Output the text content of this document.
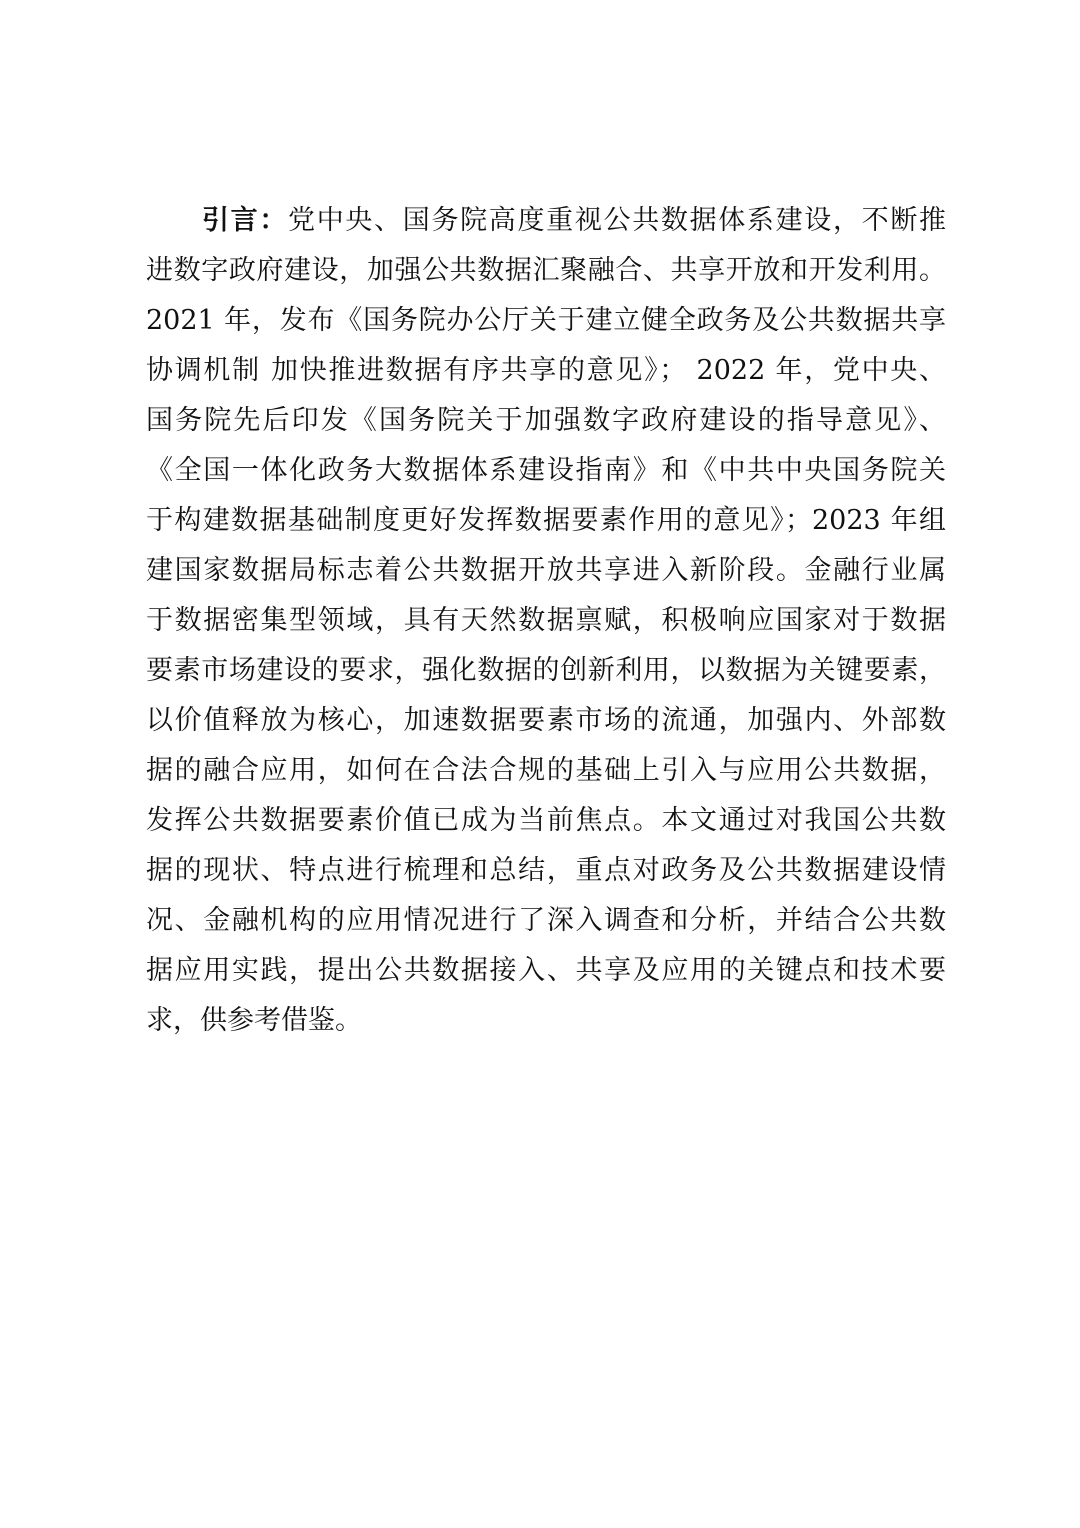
引言：党中央、国务院高度重视公共数据体系建设，不断推
进数字政府建设，加强公共数据汇聚融合、共享开放和开发利用。
2021 年，发布《国务院办公厅关于建立健全政务及公共数据共享
协调机制 加快推进数据有序共享的意见》； 2022 年，党中央、
国务院先后印发《国务院关于加强数字政府建设的指导意见》、
《全国一体化政务大数据体系建设指南》和《中共中央国务院关
于构建数据基础制度更好发挥数据要素作用的意见》；2023 年组
建国家数据局标志着公共数据开放共享进入新阶段。金融行业属
于数据密集型领域，具有天然数据禀赋，积极响应国家对于数据
要素市场建设的要求，强化数据的创新利用，以数据为关键要素，
以价值释放为核心，加速数据要素市场的流通，加强内、外部数
据的融合应用，如何在合法合规的基础上引入与应用公共数据，
发挥公共数据要素价值已成为当前焦点。本文通过对我国公共数
据的现状、特点进行梳理和总结，重点对政务及公共数据建设情
况、金融机构的应用情况进行了深入调查和分析，并结合公共数
据应用实践，提出公共数据接入、共享及应用的关键点和技术要
求，供参考借鉴。
